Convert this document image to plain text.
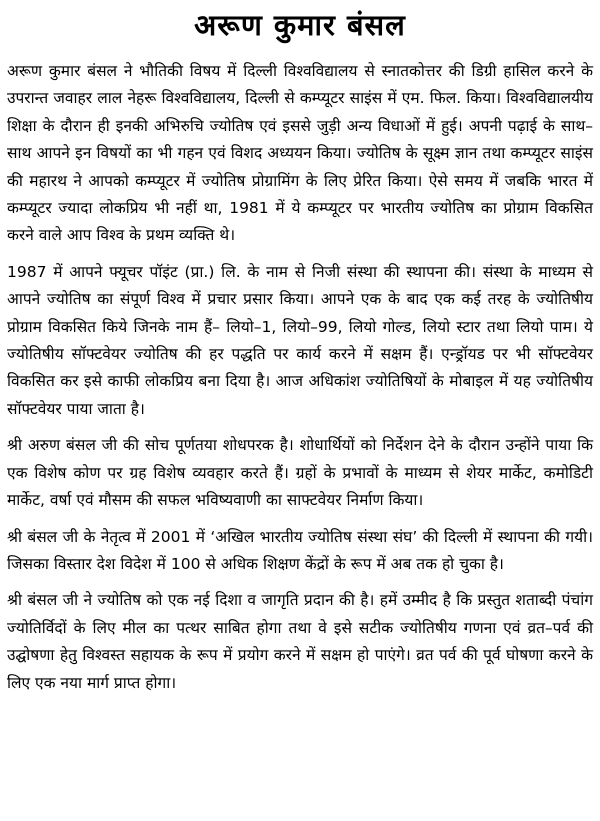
अरूण कुमार बंसल

अरूण कुमार बंसल ने भौतिकी विषय में दिल्ली विश्वविद्यालय से स्नातकोत्तर की डिग्री हासिल करने के उपरान्त जवाहर लाल नेहरू विश्वविद्यालय, दिल्ली से कम्प्यूटर साइंस में एम. फिल. किया। विश्वविद्यालयीय शिक्षा के दौरान ही इनकी अभिरुचि ज्योतिष एवं इससे जुड़ी अन्य विधाओं में हुई। अपनी पढ़ाई के साथ–साथ आपने इन विषयों का भी गहन एवं विशद अध्ययन किया। ज्योतिष के सूक्ष्म ज्ञान तथा कम्प्यूटर साइंस की महारथ ने आपको कम्प्यूटर में ज्योतिष प्रोग्रामिंग के लिए प्रेरित किया। ऐसे समय में जबकि भारत में कम्प्यूटर ज्यादा लोकप्रिय भी नहीं था, 1981 में ये कम्प्यूटर पर भारतीय ज्योतिष का प्रोग्राम विकसित करने वाले आप विश्व के प्रथम व्यक्ति थे।

1987 में आपने फ्यूचर पॉइंट (प्रा.) लि. के नाम से निजी संस्था की स्थापना की। संस्था के माध्यम से आपने ज्योतिष का संपूर्ण विश्व में प्रचार प्रसार किया। आपने एक के बाद एक कई तरह के ज्योतिषीय प्रोग्राम विकसित किये जिनके नाम हैं– लियो–1, लियो–99, लियो गोल्ड, लियो स्टार तथा लियो पाम। ये ज्योतिषीय सॉफ्टवेयर ज्योतिष की हर पद्धति पर कार्य करने में सक्षम हैं। एन्ड्रॉयड पर भी सॉफ्टवेयर विकसित कर इसे काफी लोकप्रिय बना दिया है। आज अधिकांश ज्योतिषियों के मोबाइल में यह ज्योतिषीय सॉफ्टवेयर पाया जाता है।

श्री अरुण बंसल जी की सोच पूर्णतया शोधपरक है। शोधार्थियों को निर्देशन देने के दौरान उन्होंने पाया कि एक विशेष कोण पर ग्रह विशेष व्यवहार करते हैं। ग्रहों के प्रभावों के माध्यम से शेयर मार्केट, कमोडिटी मार्केट, वर्षा एवं मौसम की सफल भविष्यवाणी का साफ्टवेयर निर्माण किया।

श्री बंसल जी के नेतृत्व में 2001 में ‘अखिल भारतीय ज्योतिष संस्था संघ’ की दिल्ली में स्थापना की गयी। जिसका विस्तार देश विदेश में 100 से अधिक शिक्षण केंद्रों के रूप में अब तक हो चुका है।

श्री बंसल जी ने ज्योतिष को एक नई दिशा व जागृति प्रदान की है। हमें उम्मीद है कि प्रस्तुत शताब्दी पंचांग ज्योतिर्विदों के लिए मील का पत्थर साबित होगा तथा वे इसे सटीक ज्योतिषीय गणना एवं व्रत–पर्व की उद्घोषणा हेतु विश्वस्त सहायक के रूप में प्रयोग करने में सक्षम हो पाएंगे। व्रत पर्व की पूर्व घोषणा करने के लिए एक नया मार्ग प्राप्त होगा।
